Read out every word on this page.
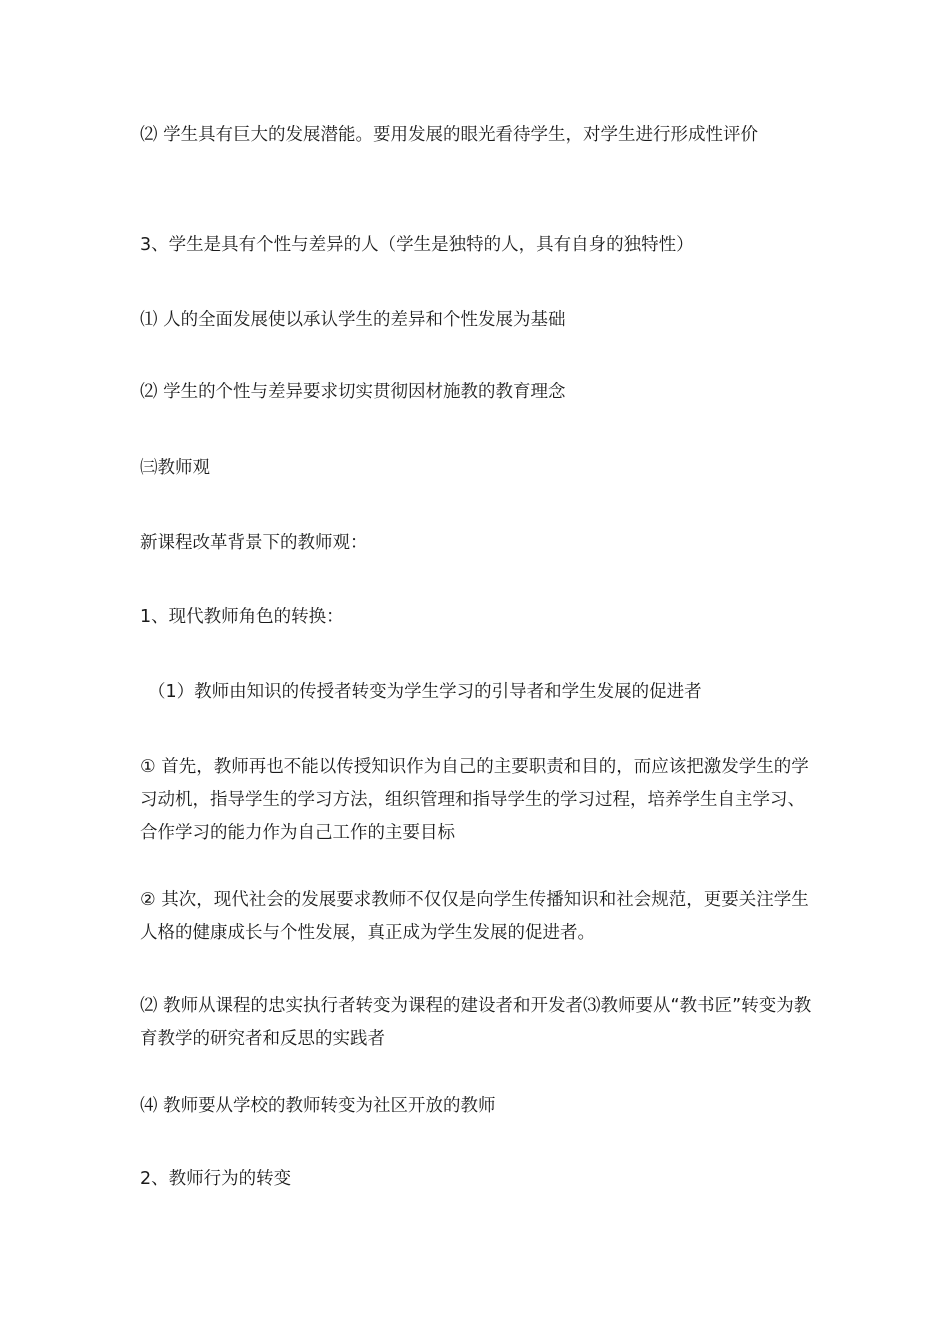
⑵ 学生具有巨大的发展潜能。要用发展的眼光看待学生，对学生进行形成性评价

3、学生是具有个性与差异的人（学生是独特的人，具有自身的独特性）

⑴ 人的全面发展使以承认学生的差异和个性发展为基础

⑵ 学生的个性与差异要求切实贯彻因材施教的教育理念

㈢教师观

新课程改革背景下的教师观：

1、现代教师角色的转换：

（1）教师由知识的传授者转变为学生学习的引导者和学生发展的促进者

① 首先，教师再也不能以传授知识作为自己的主要职责和目的，而应该把激发学生的学习动机，指导学生的学习方法，组织管理和指导学生的学习过程，培养学生自主学习、合作学习的能力作为自己工作的主要目标

② 其次，现代社会的发展要求教师不仅仅是向学生传播知识和社会规范，更要关注学生人格的健康成长与个性发展，真正成为学生发展的促进者。

⑵ 教师从课程的忠实执行者转变为课程的建设者和开发者⑶教师要从“教书匠”转变为教育教学的研究者和反思的实践者

⑷ 教师要从学校的教师转变为社区开放的教师

2、教师行为的转变
